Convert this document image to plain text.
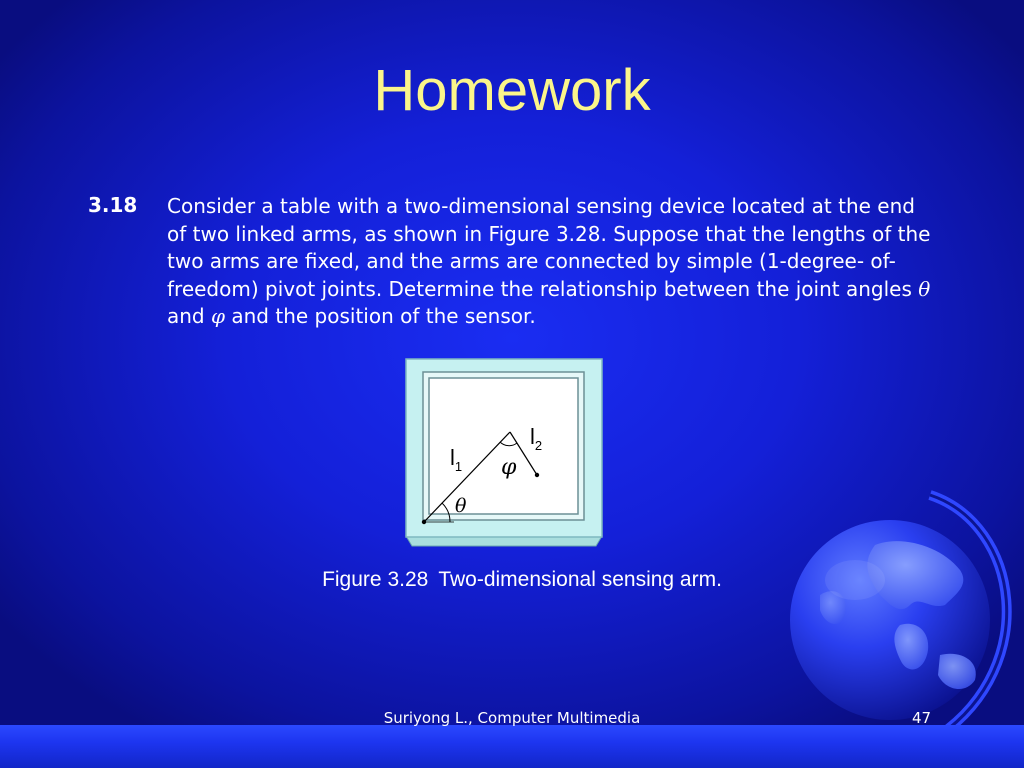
Homework
3.18 Consider a table with a two-dimensional sensing device located at the end of two linked arms, as shown in Figure 3.28. Suppose that the lengths of the two arms are fixed, and the arms are connected by simple (1-degree- of-freedom) pivot joints. Determine the relationship between the joint angles θ  and φ and the position of the sensor.
$l_1$
$l_2$
φ
θ
Figure 3.28 Two-dimensional sensing arm.
Suriyong L., Computer Multimedia	47
